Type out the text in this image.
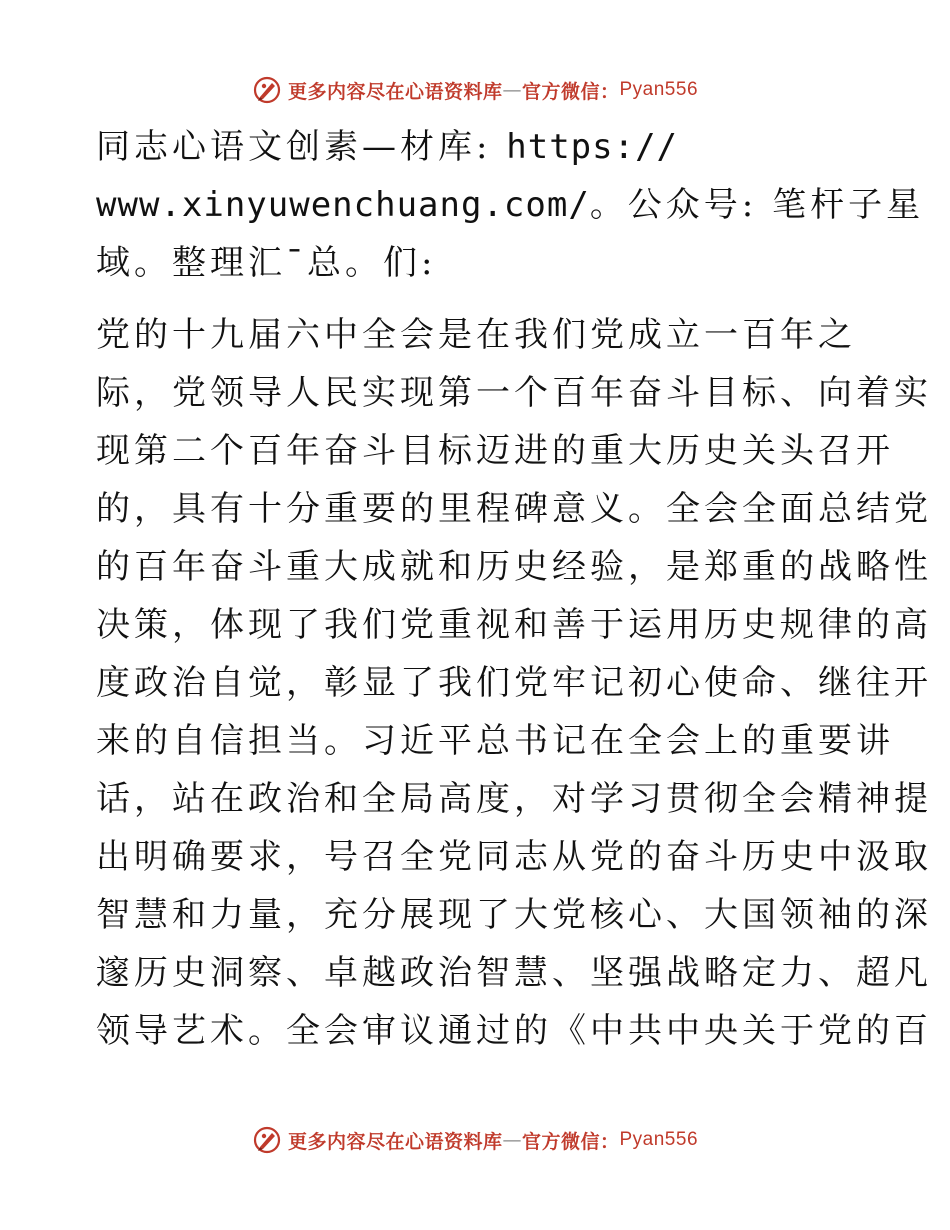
更多内容尽在心语资料库 — 官方微信： Pyan556
同志心语文创素—材库: https://
www.xinyuwenchuang.com/。公众号: 笔杆子星
域。整理汇¯总。们:
党的十九届六中全会是在我们党成立一百年之
际，党领导人民实现第一个百年奋斗目标、向着实
现第二个百年奋斗目标迈进的重大历史关头召开
的，具有十分重要的里程碑意义。全会全面总结党
的百年奋斗重大成就和历史经验，是郑重的战略性
决策，体现了我们党重视和善于运用历史规律的高
度政治自觉，彰显了我们党牢记初心使命、继往开
来的自信担当。习近平总书记在全会上的重要讲
话，站在政治和全局高度，对学习贯彻全会精神提
出明确要求，号召全党同志从党的奋斗历史中汲取
智慧和力量，充分展现了大党核心、大国领袖的深
邃历史洞察、卓越政治智慧、坚强战略定力、超凡
领导艺术。全会审议通过的《中共中央关于党的百
更多内容尽在心语资料库 — 官方微信： Pyan556
